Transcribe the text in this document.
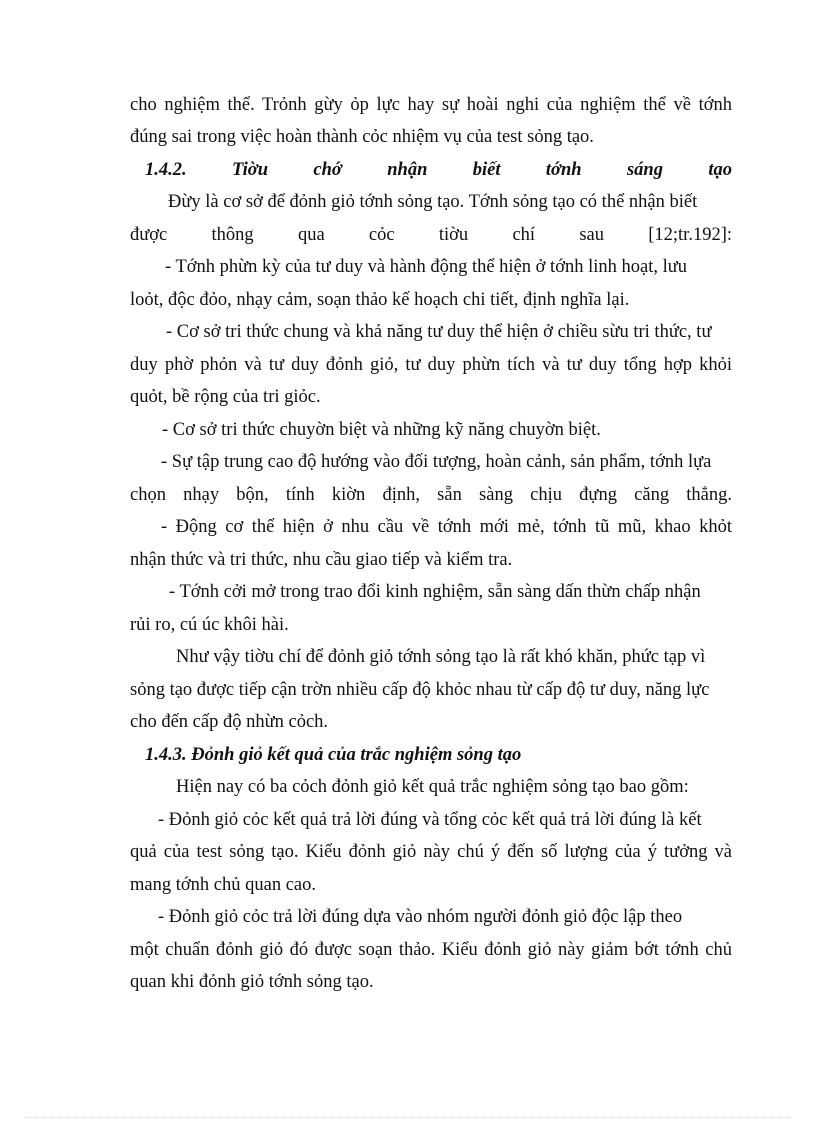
cho nghiệm thể. Trỏnh gừy ỏp lực hay sự hoài nghi của nghiệm thể về tớnh
đúng sai trong việc hoàn thành cỏc nhiệm vụ của test sỏng tạo.
1.4.2. Tiờu chớ nhận biết tớnh sáng tạo
Đừy là cơ sở để đỏnh giỏ tớnh sỏng tạo. Tớnh sỏng tạo có thể nhận biết
được thông qua cỏc tiờu chí sau [12;tr.192]:
- Tớnh phừn kỳ của tư duy và hành động thể hiện ở tớnh linh hoạt, lưu
loỏt, độc đỏo, nhạy cảm, soạn thảo kế hoạch chi tiết, định nghĩa lại.
- Cơ sở tri thức chung và khả năng tư duy thể hiện ở chiều sừu tri thức, tư
duy phờ phỏn và tư duy đỏnh giỏ, tư duy phừn tích và tư duy tổng hợp khỏi
quỏt, bề rộng của tri giỏc.
- Cơ sở tri thức chuyờn biệt và những kỹ năng chuyờn biệt.
- Sự tập trung cao độ hướng vào đối tượng, hoàn cảnh, sản phẩm, tớnh lựa
chọn nhạy bộn, tính kiờn định, sẵn sàng chịu đựng căng thẳng.
- Động cơ thể hiện ở nhu cầu về tớnh mới mẻ, tớnh tũ mũ, khao khỏt
nhận thức và tri thức, nhu cầu giao tiếp và kiểm tra.
- Tớnh cởi mở trong trao đổi kinh nghiệm, sẵn sàng dấn thừn chấp nhận
rủi ro, cú úc khôi hài.
Như vậy tiờu chí để đỏnh giỏ tớnh sỏng tạo là rất khó khăn, phức tạp vì
sỏng tạo được tiếp cận trờn nhiều cấp độ khỏc nhau từ cấp độ tư duy, năng lực
cho đến cấp độ nhừn cỏch.
1.4.3. Đỏnh giỏ kết quả của trắc nghiệm sỏng tạo
Hiện nay có ba cỏch đỏnh giỏ kết quả trắc nghiệm sỏng tạo bao gồm:
- Đỏnh giỏ cỏc kết quả trả lời đúng và tổng cỏc kết quả trả lời đúng là kết
quả của test sỏng tạo. Kiểu đỏnh giỏ này chú ý đến số lượng của ý tưởng và
mang tớnh chủ quan cao.
- Đỏnh giỏ cỏc trả lời đúng dựa vào nhóm người đỏnh giỏ độc lập theo
một chuẩn đỏnh giỏ đó được soạn thảo. Kiểu đỏnh giỏ này giảm bớt tớnh chủ
quan khi đỏnh giỏ tớnh sỏng tạo.
